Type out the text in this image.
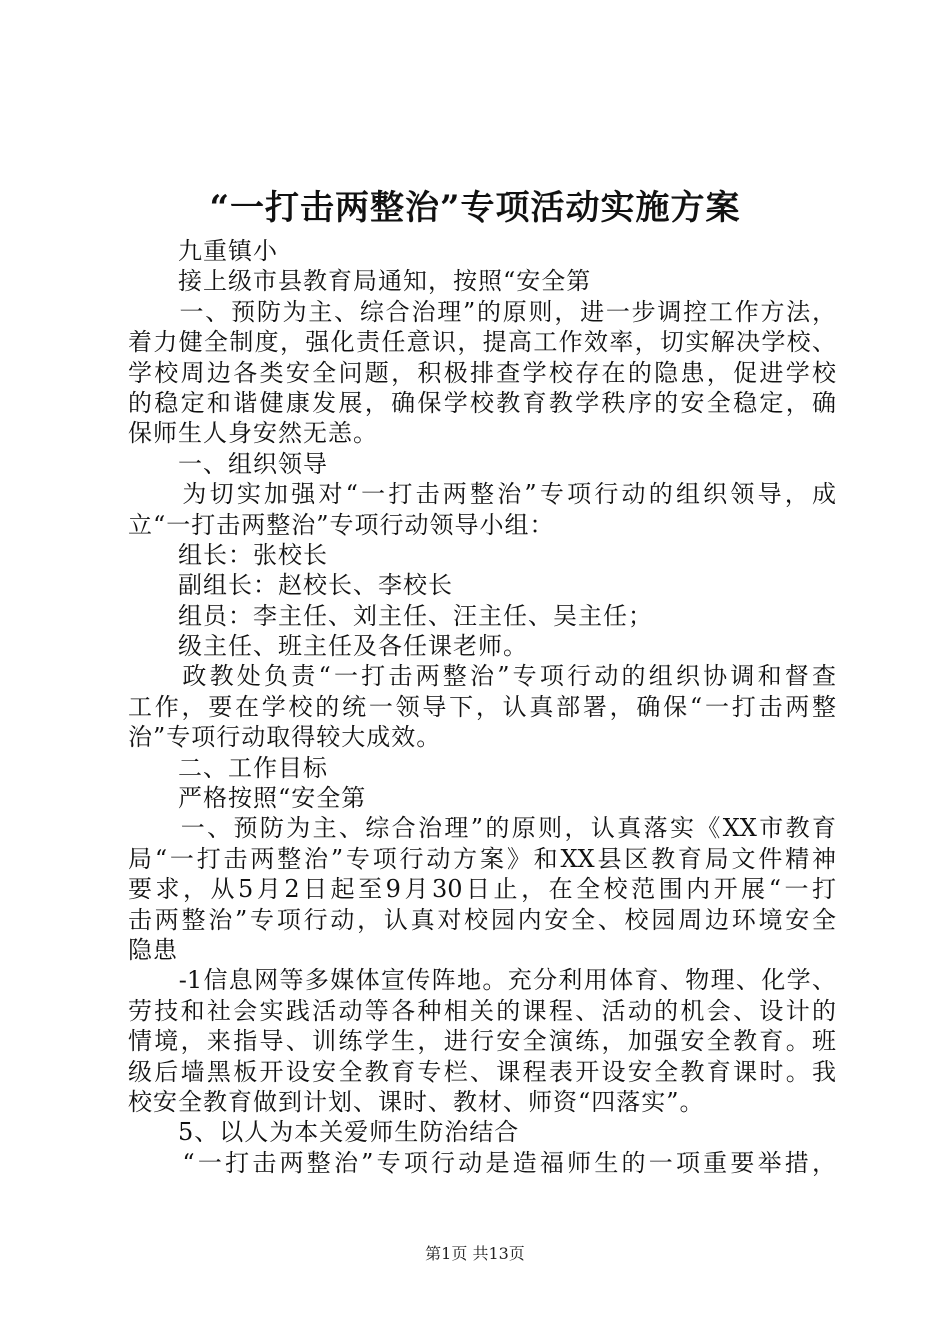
“一打击两整治”专项活动实施方案
　　九重镇小
　　接上级市县教育局通知，按照“安全第
　　一、预防为主、综合治理”的原则，进一步调控工作方法，
着力健全制度，强化责任意识，提高工作效率，切实解决学校、
学校周边各类安全问题，积极排查学校存在的隐患，促进学校
的稳定和谐健康发展，确保学校教育教学秩序的安全稳定，确
保师生人身安然无恙。
　　一、组织领导
　　为切实加强对“一打击两整治”专项行动的组织领导，成
立“一打击两整治”专项行动领导小组：
　　组长：张校长
　　副组长：赵校长、李校长
　　组员：李主任、刘主任、汪主任、吴主任；
　　级主任、班主任及各任课老师。
　　政教处负责“一打击两整治”专项行动的组织协调和督查
工作，要在学校的统一领导下，认真部署，确保“一打击两整
治”专项行动取得较大成效。
　　二、工作目标
　　严格按照“安全第
　　一、预防为主、综合治理”的原则，认真落实《XX市教育
局“一打击两整治”专项行动方案》和XX县区教育局文件精神
要求，从5月2日起至9月30日止，在全校范围内开展“一打
击两整治”专项行动，认真对校园内安全、校园周边环境安全
隐患
　　-1信息网等多媒体宣传阵地。充分利用体育、物理、化学、
劳技和社会实践活动等各种相关的课程、活动的机会、设计的
情境，来指导、训练学生，进行安全演练，加强安全教育。班
级后墙黑板开设安全教育专栏、课程表开设安全教育课时。我
校安全教育做到计划、课时、教材、师资“四落实”。
　　5、以人为本关爱师生防治结合
　　“一打击两整治”专项行动是造福师生的一项重要举措，
第1页 共13页
